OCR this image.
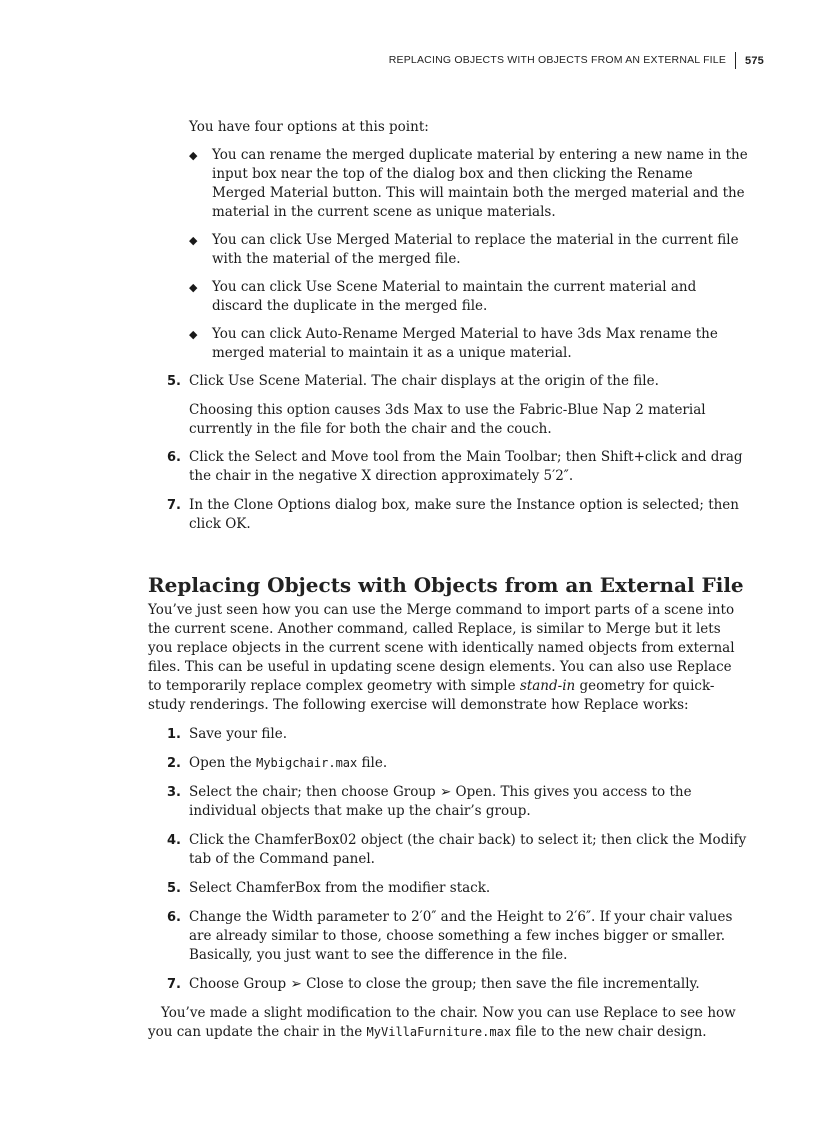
REPLACING OBJECTS WITH OBJECTS FROM AN EXTERNAL FILE	575
You have four options at this point:
◆ You can rename the merged duplicate material by entering a new name in the input box near the top of the dialog box and then clicking the Rename Merged Material button. This will maintain both the merged material and the material in the current scene as unique materials.
◆ You can click Use Merged Material to replace the material in the current file with the material of the merged file.
◆ You can click Use Scene Material to maintain the current material and discard the duplicate in the merged file.
◆ You can click Auto-Rename Merged Material to have 3ds Max rename the merged material to maintain it as a unique material.
5. Click Use Scene Material. The chair displays at the origin of the file.
Choosing this option causes 3ds Max to use the Fabric-Blue Nap 2 material currently in the file for both the chair and the couch.
6. Click the Select and Move tool from the Main Toolbar; then Shift+click and drag the chair in the negative X direction approximately 5′2″.
7. In the Clone Options dialog box, make sure the Instance option is selected; then click OK.
Replacing Objects with Objects from an External File

You’ve just seen how you can use the Merge command to import parts of a scene into the current scene. Another command, called Replace, is similar to Merge but it lets you replace objects in the current scene with identically named objects from external files. This can be useful in updating scene design elements. You can also use Replace to temporarily replace complex geometry with simple stand-in geometry for quick-study renderings. The following exercise will demonstrate how Replace works:

1. Save your file.
2. Open the Mybigchair.max file.
3. Select the chair; then choose Group ➢ Open. This gives you access to the individual objects that make up the chair’s group.
4. Click the ChamferBox02 object (the chair back) to select it; then click the Modify tab of the Command panel.
5. Select ChamferBox from the modifier stack.
6. Change the Width parameter to 2′0″ and the Height to 2′6″. If your chair values are already similar to those, choose something a few inches bigger or smaller. Basically, you just want to see the difference in the file.
7. Choose Group ➢ Close to close the group; then save the file incrementally.

You’ve made a slight modification to the chair. Now you can use Replace to see how you can update the chair in the MyVillaFurniture.max file to the new chair design.
